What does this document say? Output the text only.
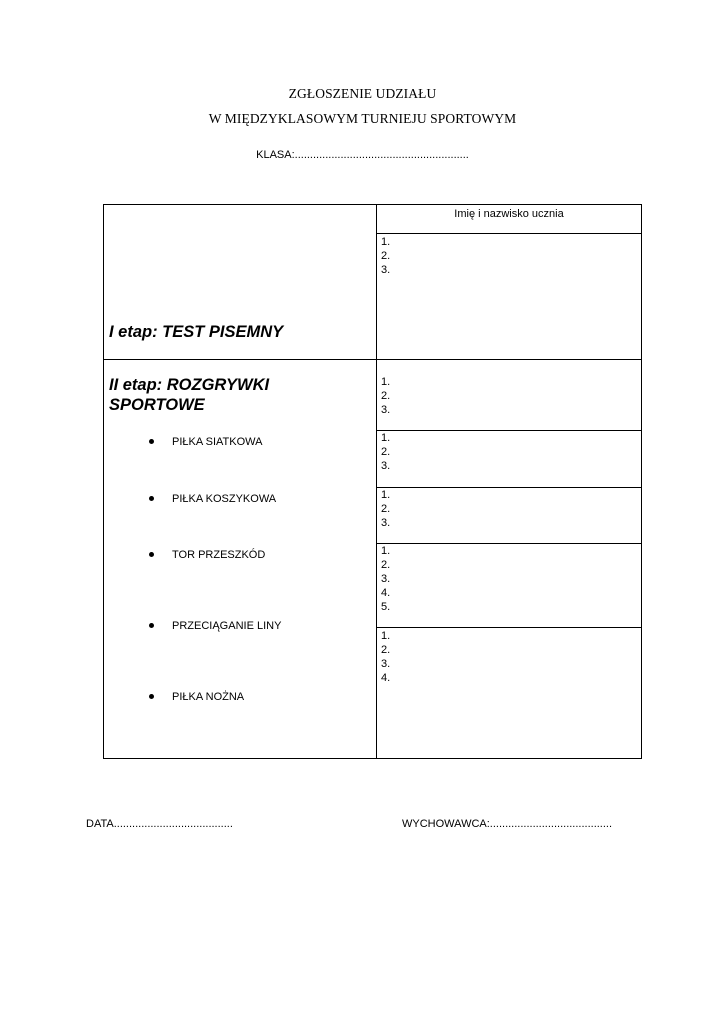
ZGŁOSZENIE UDZIAŁU
W MIĘDZYKLASOWYM TURNIEJU SPORTOWYM
KLASA:.........................................................
Imię i nazwisko ucznia
1.
2.
3.
I etap: TEST PISEMNY
II etap: ROZGRYWKI SPORTOWE
1.
2.
3.
1.
2.
3.
1.
2.
3.
1.
2.
3.
4.
5.
1.
2.
3.
4.
PIŁKA SIATKOWA
PIŁKA KOSZYKOWA
TOR PRZESZKÓD
PRZECIĄGANIE LINY
PIŁKA NOŻNA
DATA.......................................	WYCHOWAWCA:........................................
